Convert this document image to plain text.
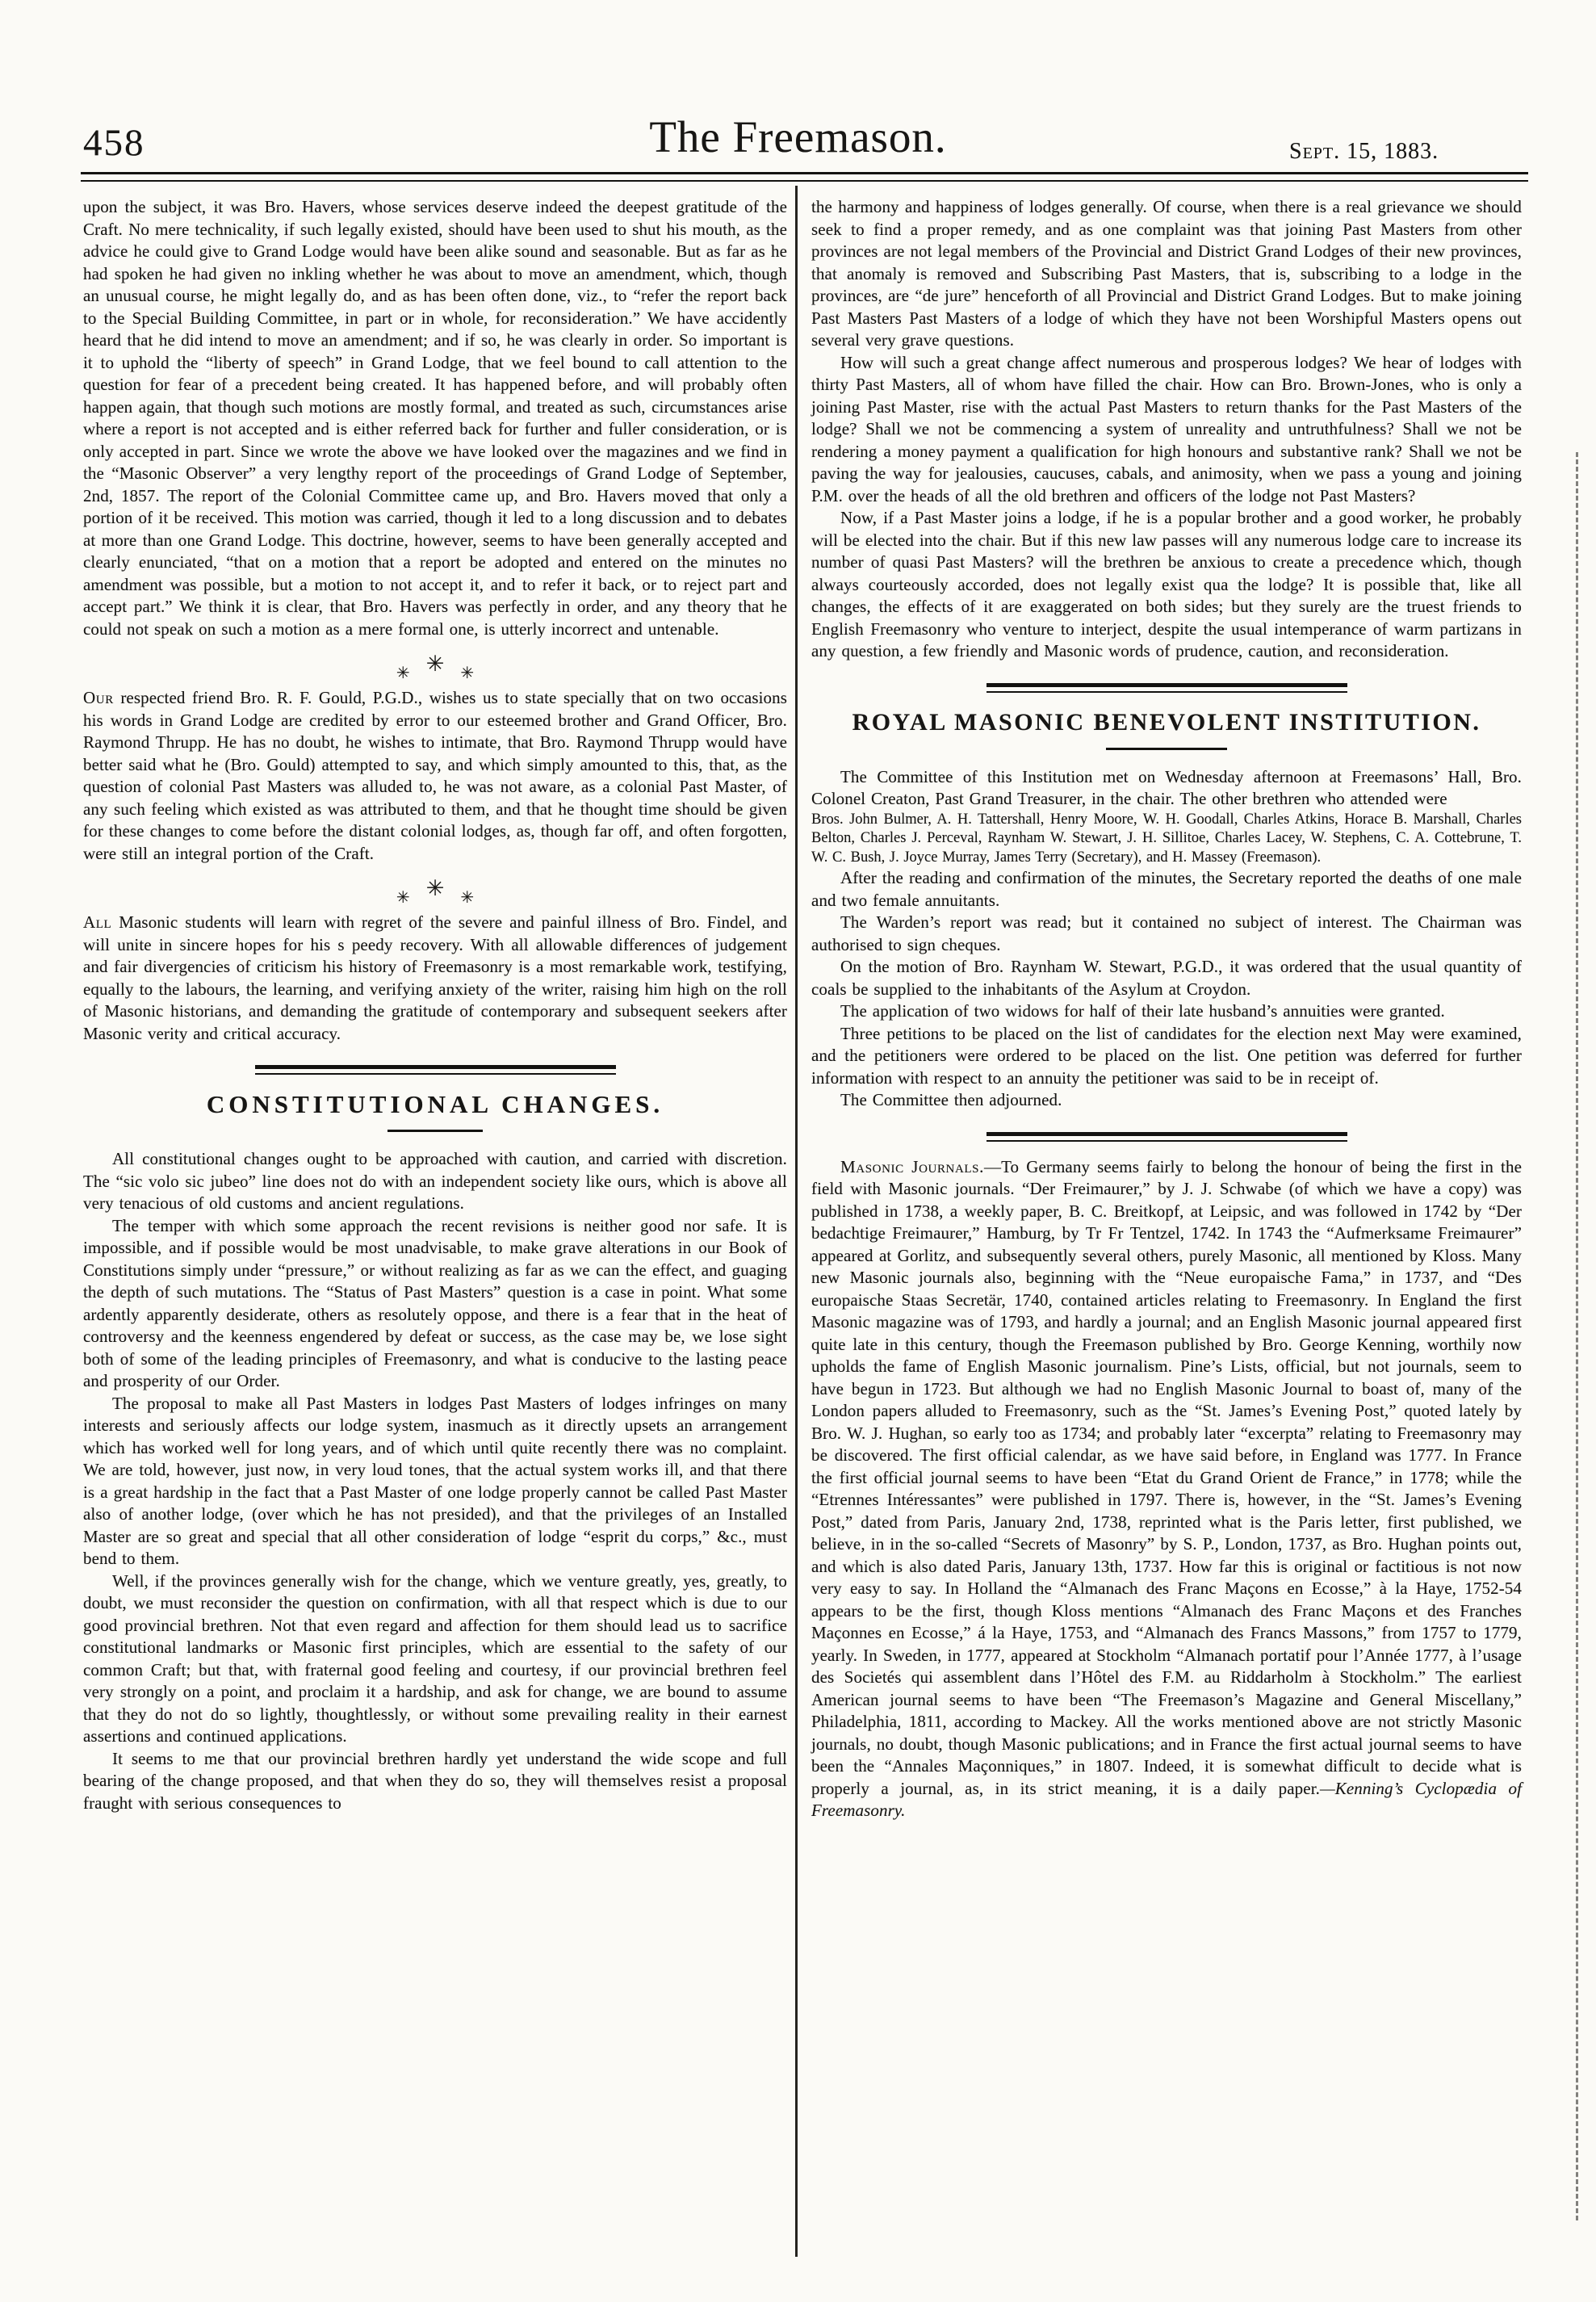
458	The Freemason.	Sept. 15, 1883.

upon the subject, it was Bro. Havers, whose services deserve indeed the deepest gratitude of the Craft. No mere technicality, if such legally existed, should have been used to shut his mouth, as the advice he could give to Grand Lodge would have been alike sound and seasonable. But as far as he had spoken he had given no inkling whether he was about to move an amendment, which, though an unusual course, he might legally do, and as has been often done, viz., to “refer the report back to the Special Building Committee, in part or in whole, for reconsideration.” We have accidently heard that he did intend to move an amendment; and if so, he was clearly in order. So important is it to uphold the “liberty of speech” in Grand Lodge, that we feel bound to call attention to the question for fear of a precedent being created. It has happened before, and will probably often happen again, that though such motions are mostly formal, and treated as such, circumstances arise where a report is not accepted and is either referred back for further and fuller consideration, or is only accepted in part. Since we wrote the above we have looked over the magazines and we find in the “Masonic Observer” a very lengthy report of the proceedings of Grand Lodge of September, 2nd, 1857. The report of the Colonial Committee came up, and Bro. Havers moved that only a portion of it be received. This motion was carried, though it led to a long discussion and to debates at more than one Grand Lodge. This doctrine, however, seems to have been generally accepted and clearly enunciated, “that on a motion that a report be adopted and entered on the minutes no amendment was possible, but a motion to not accept it, and to refer it back, or to reject part and accept part.” We think it is clear, that Bro. Havers was perfectly in order, and any theory that he could not speak on such a motion as a mere formal one, is utterly incorrect and untenable.

✳ ✳ ✳

Our respected friend Bro. R. F. Gould, P.G.D., wishes us to state specially that on two occasions his words in Grand Lodge are credited by error to our esteemed brother and Grand Officer, Bro. Raymond Thrupp. He has no doubt, he wishes to intimate, that Bro. Raymond Thrupp would have better said what he (Bro. Gould) attempted to say, and which simply amounted to this, that, as the question of colonial Past Masters was alluded to, he was not aware, as a colonial Past Master, of any such feeling which existed as was attributed to them, and that he thought time should be given for these changes to come before the distant colonial lodges, as, though far off, and often forgotten, were still an integral portion of the Craft.

✳ ✳ ✳

All Masonic students will learn with regret of the severe and painful illness of Bro. Findel, and will unite in sincere hopes for his s peedy recovery. With all allowable differences of judgement and fair divergencies of criticism his history of Freemasonry is a most remarkable work, testifying, equally to the labours, the learning, and verifying anxiety of the writer, raising him high on the roll of Masonic historians, and demanding the gratitude of contemporary and subsequent seekers after Masonic verity and critical accuracy.

CONSTITUTIONAL CHANGES.

All constitutional changes ought to be approached with caution, and carried with discretion. The “sic volo sic jubeo” line does not do with an independent society like ours, which is above all very tenacious of old customs and ancient regulations.

The temper with which some approach the recent revisions is neither good nor safe. It is impossible, and if possible would be most unadvisable, to make grave alterations in our Book of Constitutions simply under “pressure,” or without realizing as far as we can the effect, and guaging the depth of such mutations. The “Status of Past Masters” question is a case in point. What some ardently apparently desiderate, others as resolutely oppose, and there is a fear that in the heat of controversy and the keenness engendered by defeat or success, as the case may be, we lose sight both of some of the leading principles of Freemasonry, and what is conducive to the lasting peace and prosperity of our Order.

The proposal to make all Past Masters in lodges Past Masters of lodges infringes on many interests and seriously affects our lodge system, inasmuch as it directly upsets an arrangement which has worked well for long years, and of which until quite recently there was no complaint. We are told, however, just now, in very loud tones, that the actual system works ill, and that there is a great hardship in the fact that a Past Master of one lodge properly cannot be called Past Master also of another lodge, (over which he has not presided), and that the privileges of an Installed Master are so great and special that all other consideration of lodge “esprit du corps,” &c., must bend to them.

Well, if the provinces generally wish for the change, which we venture greatly, yes, greatly, to doubt, we must reconsider the question on confirmation, with all that respect which is due to our good provincial brethren. Not that even regard and affection for them should lead us to sacrifice constitutional landmarks or Masonic first principles, which are essential to the safety of our common Craft; but that, with fraternal good feeling and courtesy, if our provincial brethren feel very strongly on a point, and proclaim it a hardship, and ask for change, we are bound to assume that they do not do so lightly, thoughtlessly, or without some prevailing reality in their earnest assertions and continued applications.

It seems to me that our provincial brethren hardly yet understand the wide scope and full bearing of the change proposed, and that when they do so, they will themselves resist a proposal fraught with serious consequences to

the harmony and happiness of lodges generally. Of course, when there is a real grievance we should seek to find a proper remedy, and as one complaint was that joining Past Masters from other provinces are not legal members of the Provincial and District Grand Lodges of their new provinces, that anomaly is removed and Subscribing Past Masters, that is, subscribing to a lodge in the provinces, are “de jure” henceforth of all Provincial and District Grand Lodges. But to make joining Past Masters Past Masters of a lodge of which they have not been Worshipful Masters opens out several very grave questions.

How will such a great change affect numerous and prosperous lodges? We hear of lodges with thirty Past Masters, all of whom have filled the chair. How can Bro. Brown-Jones, who is only a joining Past Master, rise with the actual Past Masters to return thanks for the Past Masters of the lodge? Shall we not be commencing a system of unreality and untruthfulness? Shall we not be rendering a money payment a qualification for high honours and substantive rank? Shall we not be paving the way for jealousies, caucuses, cabals, and animosity, when we pass a young and joining P.M. over the heads of all the old brethren and officers of the lodge not Past Masters?

Now, if a Past Master joins a lodge, if he is a popular brother and a good worker, he probably will be elected into the chair. But if this new law passes will any numerous lodge care to increase its number of quasi Past Masters? will the brethren be anxious to create a precedence which, though always courteously accorded, does not legally exist qua the lodge? It is possible that, like all changes, the effects of it are exaggerated on both sides; but they surely are the truest friends to English Freemasonry who venture to interject, despite the usual intemperance of warm partizans in any question, a few friendly and Masonic words of prudence, caution, and reconsideration.

ROYAL MASONIC BENEVOLENT INSTITUTION.

The Committee of this Institution met on Wednesday afternoon at Freemasons’ Hall, Bro. Colonel Creaton, Past Grand Treasurer, in the chair. The other brethren who attended were

Bros. John Bulmer, A. H. Tattershall, Henry Moore, W. H. Goodall, Charles Atkins, Horace B. Marshall, Charles Belton, Charles J. Perceval, Raynham W. Stewart, J. H. Sillitoe, Charles Lacey, W. Stephens, C. A. Cottebrune, T. W. C. Bush, J. Joyce Murray, James Terry (Secretary), and H. Massey (Freemason).

After the reading and confirmation of the minutes, the Secretary reported the deaths of one male and two female annuitants.

The Warden’s report was read; but it contained no subject of interest. The Chairman was authorised to sign cheques.

On the motion of Bro. Raynham W. Stewart, P.G.D., it was ordered that the usual quantity of coals be supplied to the inhabitants of the Asylum at Croydon.

The application of two widows for half of their late husband’s annuities were granted.

Three petitions to be placed on the list of candidates for the election next May were examined, and the petitioners were ordered to be placed on the list. One petition was deferred for further information with respect to an annuity the petitioner was said to be in receipt of.

The Committee then adjourned.

Masonic Journals.—To Germany seems fairly to belong the honour of being the first in the field with Masonic journals. “Der Freimaurer,” by J. J. Schwabe (of which we have a copy) was published in 1738, a weekly paper, B. C. Breitkopf, at Leipsic, and was followed in 1742 by “Der bedachtige Freimaurer,” Hamburg, by Tr Fr Tentzel, 1742. In 1743 the “Aufmerksame Freimaurer” appeared at Gorlitz, and subsequently several others, purely Masonic, all mentioned by Kloss. Many new Masonic journals also, beginning with the “Neue europaische Fama,” in 1737, and “Des europaische Staas Secretär, 1740, contained articles relating to Freemasonry. In England the first Masonic magazine was of 1793, and hardly a journal; and an English Masonic journal appeared first quite late in this century, though the Freemason published by Bro. George Kenning, worthily now upholds the fame of English Masonic journalism. Pine’s Lists, official, but not journals, seem to have begun in 1723. But although we had no English Masonic Journal to boast of, many of the London papers alluded to Freemasonry, such as the “St. James’s Evening Post,” quoted lately by Bro. W. J. Hughan, so early too as 1734; and probably later “excerpta” relating to Freemasonry may be discovered. The first official calendar, as we have said before, in England was 1777. In France the first official journal seems to have been “Etat du Grand Orient de France,” in 1778; while the “Etrennes Intéressantes” were published in 1797. There is, however, in the “St. James’s Evening Post,” dated from Paris, January 2nd, 1738, reprinted what is the Paris letter, first published, we believe, in in the so-called “Secrets of Masonry” by S. P., London, 1737, as Bro. Hughan points out, and which is also dated Paris, January 13th, 1737. How far this is original or factitious is not now very easy to say. In Holland the “Almanach des Franc Maçons en Ecosse,” à la Haye, 1752-54 appears to be the first, though Kloss mentions “Almanach des Franc Maçons et des Franches Maçonnes en Ecosse,” á la Haye, 1753, and “Almanach des Francs Massons,” from 1757 to 1779, yearly. In Sweden, in 1777, appeared at Stockholm “Almanach portatif pour l’Année 1777, à l’usage des Societés qui assemblent dans l’Hôtel des F.M. au Riddarholm à Stockholm.” The earliest American journal seems to have been “The Freemason’s Magazine and General Miscellany,” Philadelphia, 1811, according to Mackey. All the works mentioned above are not strictly Masonic journals, no doubt, though Masonic publications; and in France the first actual journal seems to have been the “Annales Maçonniques,” in 1807. Indeed, it is somewhat difficult to decide what is properly a journal, as, in its strict meaning, it is a daily paper.—Kenning’s Cyclopædia of Freemasonry.
